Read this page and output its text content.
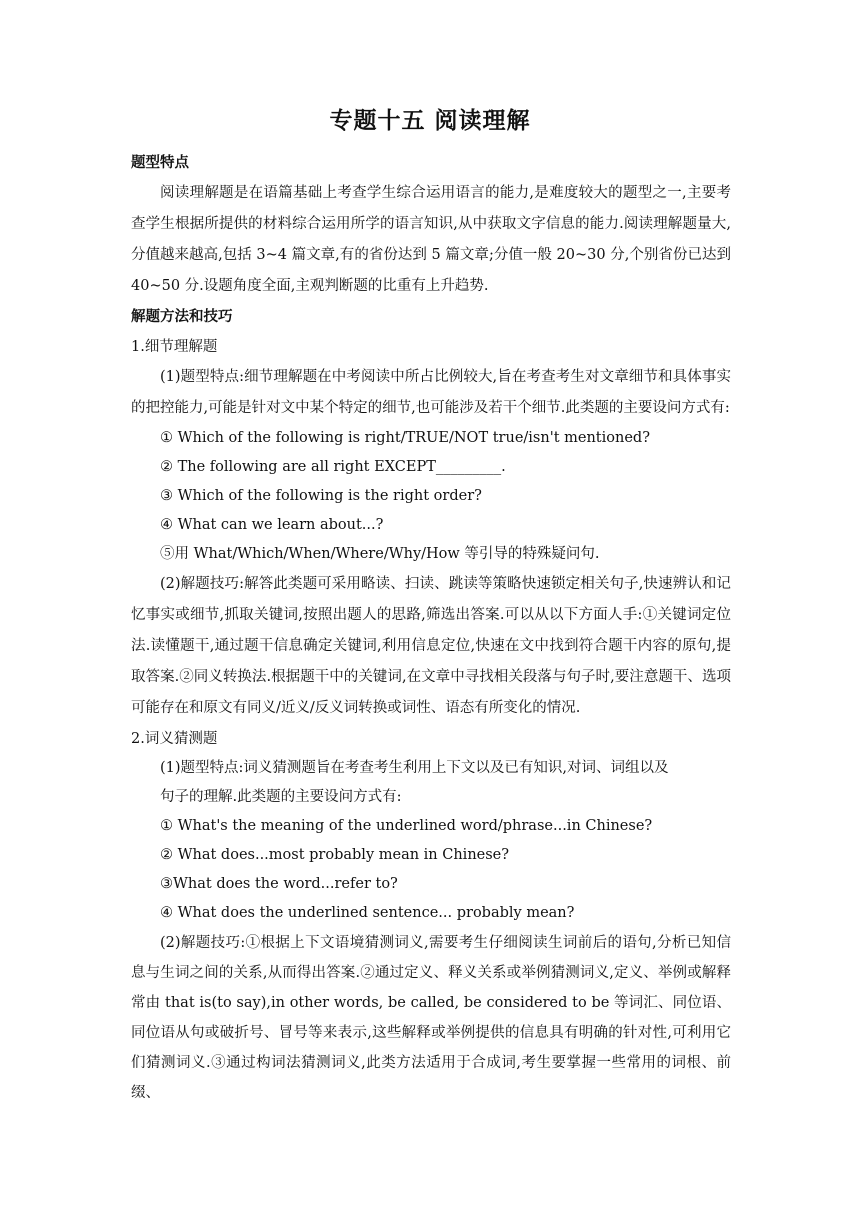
专题十五 阅读理解

题型特点

阅读理解题是在语篇基础上考查学生综合运用语言的能力,是难度较大的题型之一,主要考查学生根据所提供的材料综合运用所学的语言知识,从中获取文字信息的能力.阅读理解题量大,分值越来越高,包括 3~4 篇文章,有的省份达到 5 篇文章;分值一般 20~30 分,个别省份已达到 40~50 分.设题角度全面,主观判断题的比重有上升趋势.

解题方法和技巧

1.细节理解题

(1)题型特点:细节理解题在中考阅读中所占比例较大,旨在考查考生对文章细节和具体事实的把控能力,可能是针对文中某个特定的细节,也可能涉及若干个细节.此类题的主要设问方式有:

① Which of the following is right/TRUE/NOT true/isn't mentioned?

② The following are all right EXCEPT_________.

③ Which of the following is the right order?

④ What can we learn about...?

⑤用 What/Which/When/Where/Why/How 等引导的特殊疑问句.

(2)解题技巧:解答此类题可采用略读、扫读、跳读等策略快速锁定相关句子,快速辨认和记忆事实或细节,抓取关键词,按照出题人的思路,筛选出答案.可以从以下方面人手:①关键词定位法.读懂题干,通过题干信息确定关键词,利用信息定位,快速在文中找到符合题干内容的原句,提取答案.②同义转换法.根据题干中的关键词,在文章中寻找相关段落与句子时,要注意题干、选项可能存在和原文有同义/近义/反义词转换或词性、语态有所变化的情况.

2.词义猜测题

(1)题型特点:词义猜测题旨在考查考生利用上下文以及已有知识,对词、词组以及

句子的理解.此类题的主要设问方式有:

① What's the meaning of the underlined word/phrase...in Chinese?

② What does...most probably mean in Chinese?

③What does the word...refer to?

④ What does the underlined sentence... probably mean?

(2)解题技巧:①根据上下文语境猜测词义,需要考生仔细阅读生词前后的语句,分析已知信息与生词之间的关系,从而得出答案.②通过定义、释义关系或举例猜测词义,定义、举例或解释常由 that is(to say),in other words, be called, be considered to be 等词汇、同位语、同位语从句或破折号、冒号等来表示,这些解释或举例提供的信息具有明确的针对性,可利用它们猜测词义.③通过构词法猜测词义,此类方法适用于合成词,考生要掌握一些常用的词根、前缀、
